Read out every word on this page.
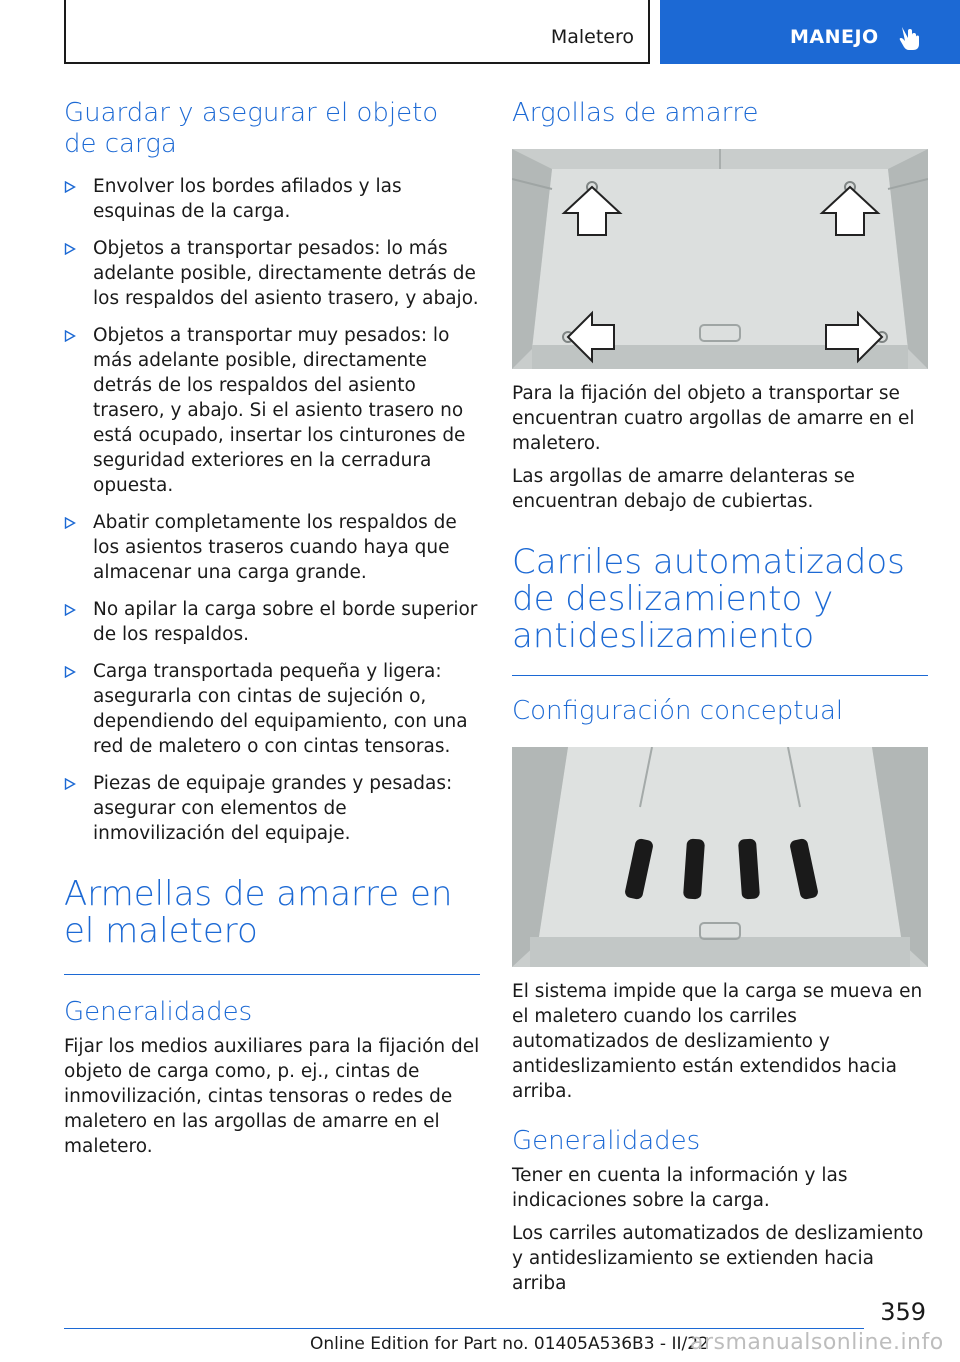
Maletero	MANEJO
Guardar y asegurar el objeto de carga
Envolver los bordes afilados y las esquinas de la carga.
Objetos a transportar pesados: lo más adelante posible, directamente detrás de los respaldos del asiento trasero, y abajo.
Objetos a transportar muy pesados: lo más adelante posible, directamente detrás de los respaldos del asiento trasero, y abajo. Si el asiento trasero no está ocupado, insertar los cinturones de seguridad exteriores en la cerradura opuesta.
Abatir completamente los respaldos de los asientos traseros cuando haya que almacenar una carga grande.
No apilar la carga sobre el borde superior de los respaldos.
Carga transportada pequeña y ligera: asegurarla con cintas de sujeción o, dependiendo del equipamiento, con una red de maletero o con cintas tensoras.
Piezas de equipaje grandes y pesadas: asegurar con elementos de inmovilización del equipaje.
Armellas de amarre en el maletero
Generalidades

Fijar los medios auxiliares para la fijación del objeto de carga como, p. ej., cintas de inmovilización, cintas tensoras o redes de maletero en las argollas de amarre en el maletero.

Argollas de amarre

Para la fijación del objeto a transportar se encuentran cuatro argollas de amarre en el maletero.

Las argollas de amarre delanteras se encuentran debajo de cubiertas.

Carriles automatizados de deslizamiento y antideslizamiento
Configuración conceptual

El sistema impide que la carga se mueva en el maletero cuando los carriles automatizados de deslizamiento y antideslizamiento están extendidos hacia arriba.

Generalidades

Tener en cuenta la información y las indicaciones sobre la carga.

Los carriles automatizados de deslizamiento y antideslizamiento se extienden hacia arriba

359
Online Edition for Part no. 01405A536B3 - II/22
arsmanualsonline.info
